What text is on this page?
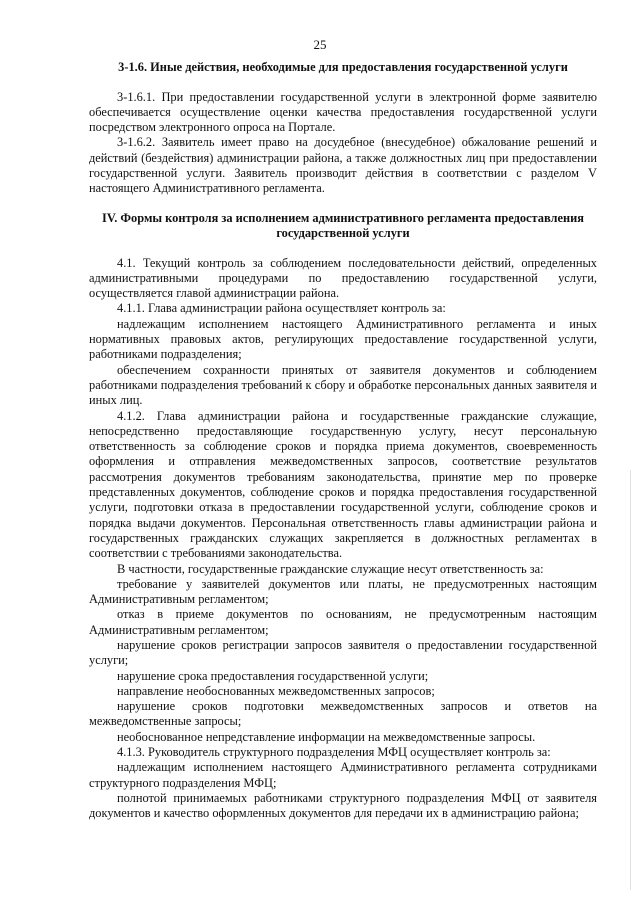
25
3-1.6. Иные действия, необходимые для предоставления государственной услуги

3-1.6.1. При предоставлении государственной услуги в электронной форме заявителю обеспечивается осуществление оценки качества предоставления государственной услуги посредством электронного опроса на Портале.

3-1.6.2. Заявитель имеет право на досудебное (внесудебное) обжалование решений и действий (бездействия) администрации района, а также должностных лиц при предоставлении государственной услуги. Заявитель производит действия в соответствии с разделом V настоящего Административного регламента.

IV. Формы контроля за исполнением административного регламента предоставления государственной услуги

4.1. Текущий контроль за соблюдением последовательности действий, определенных административными процедурами по предоставлению государственной услуги, осуществляется главой администрации района.

4.1.1. Глава администрации района осуществляет контроль за:

надлежащим исполнением настоящего Административного регламента и иных нормативных правовых актов, регулирующих предоставление государственной услуги, работниками подразделения;

обеспечением сохранности принятых от заявителя документов и соблюдением работниками подразделения требований к сбору и обработке персональных данных заявителя и иных лиц.

4.1.2. Глава администрации района и государственные гражданские служащие, непосредственно предоставляющие государственную услугу, несут персональную ответственность за соблюдение сроков и порядка приема документов, своевременность оформления и отправления межведомственных запросов, соответствие результатов рассмотрения документов требованиям законодательства, принятие мер по проверке представленных документов, соблюдение сроков и порядка предоставления государственной услуги, подготовки отказа в предоставлении государственной услуги, соблюдение сроков и порядка выдачи документов. Персональная ответственность главы администрации района и государственных гражданских служащих закрепляется в должностных регламентах в соответствии с требованиями законодательства.

В частности, государственные гражданские служащие несут ответственность за:

требование у заявителей документов или платы, не предусмотренных настоящим Административным регламентом;

отказ в приеме документов по основаниям, не предусмотренным настоящим Административным регламентом;

нарушение сроков регистрации запросов заявителя о предоставлении государственной услуги;

нарушение срока предоставления государственной услуги;

направление необоснованных межведомственных запросов;

нарушение сроков подготовки межведомственных запросов и ответов на межведомственные запросы;

необоснованное непредставление информации на межведомственные запросы.

4.1.3. Руководитель структурного подразделения МФЦ осуществляет контроль за:

надлежащим исполнением настоящего Административного регламента сотрудниками структурного подразделения МФЦ;

полнотой принимаемых работниками структурного подразделения МФЦ от заявителя документов и качество оформленных документов для передачи их в администрацию района;
